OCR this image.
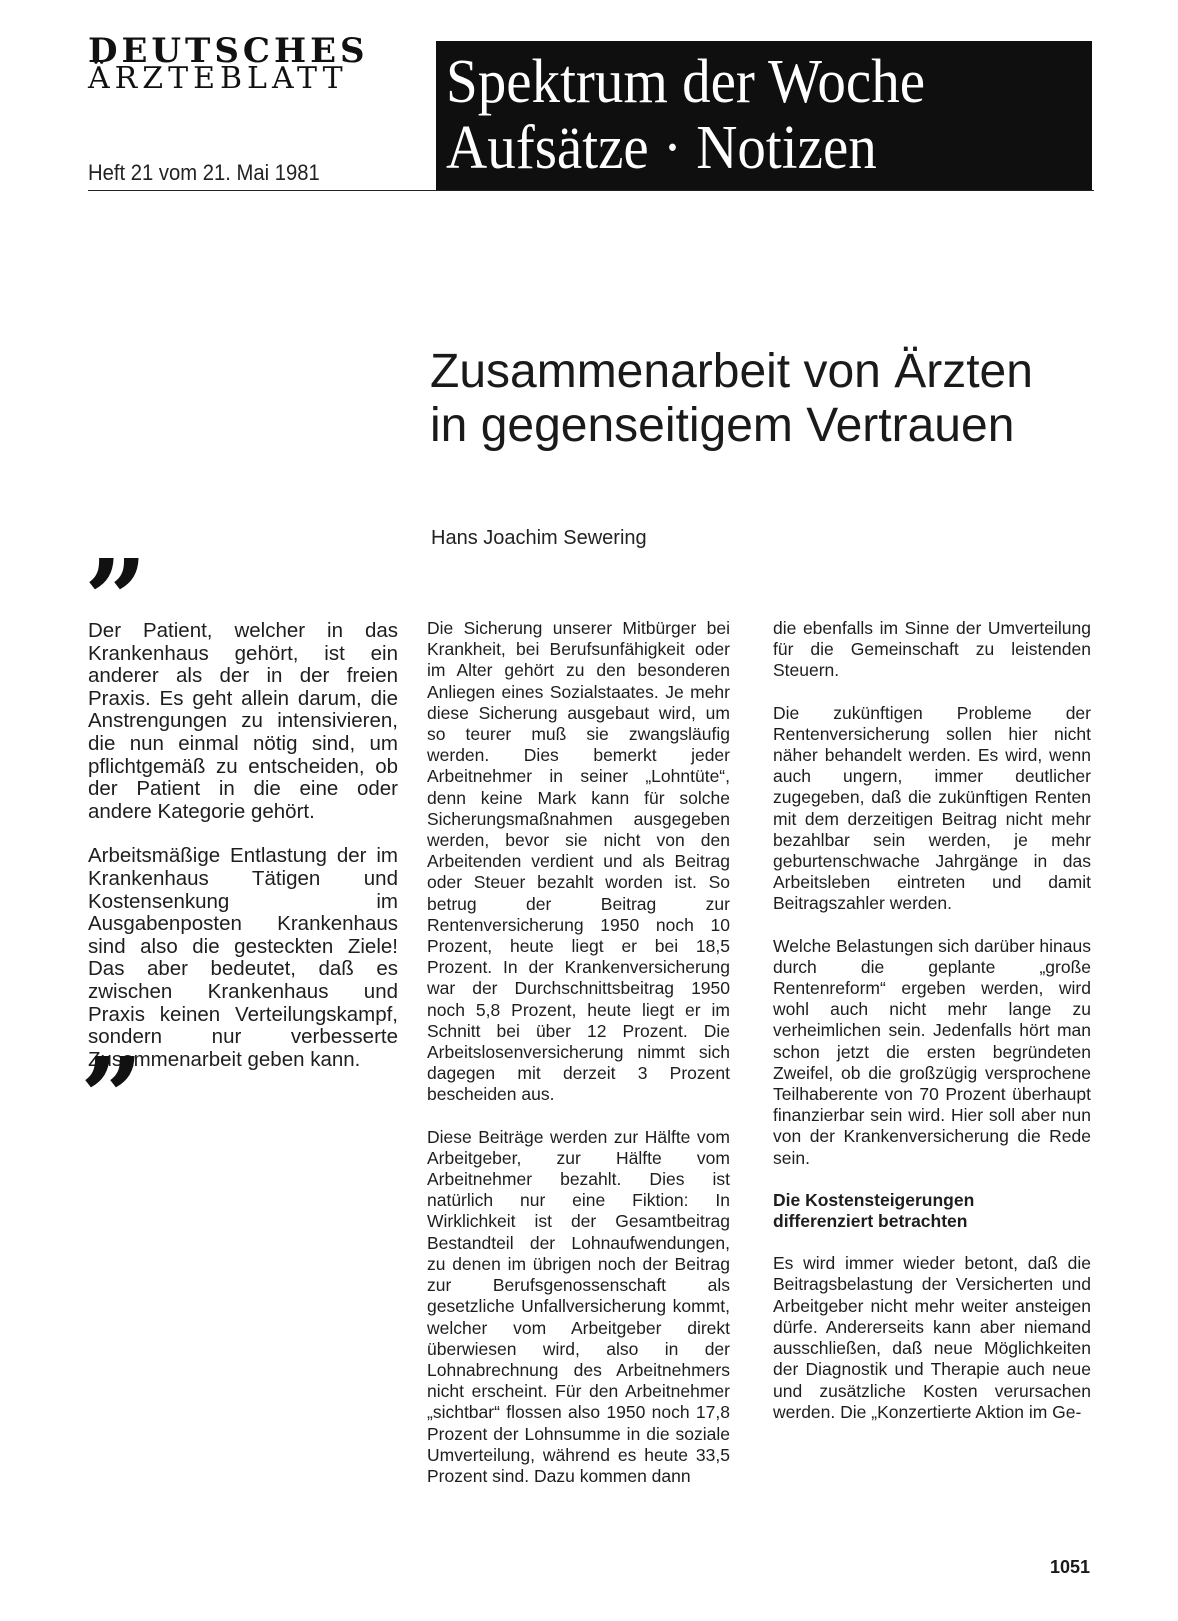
DEUTSCHES
ÄRZTEBLATT
Heft 21 vom 21. Mai 1981
Spektrum der Woche
Aufsätze · Notizen
Zusammenarbeit von Ärzten
in gegenseitigem Vertrauen
Hans Joachim Sewering
”

Der Patient, welcher in das Krankenhaus gehört, ist ein anderer als der in der freien Praxis. Es geht allein darum, die Anstrengungen zu intensivieren, die nun einmal nötig sind, um pflichtgemäß zu entscheiden, ob der Patient in die eine oder andere Kategorie gehört.

Arbeitsmäßige Entlastung der im Krankenhaus Tätigen und Kostensenkung im Ausgabenposten Krankenhaus sind also die gesteckten Ziele! Das aber bedeutet, daß es zwischen Krankenhaus und Praxis keinen Verteilungskampf, sondern nur verbesserte Zusammenarbeit geben kann.

”

Die Sicherung unserer Mitbürger bei Krankheit, bei Berufsunfähigkeit oder im Alter gehört zu den besonderen Anliegen eines Sozialstaates. Je mehr diese Sicherung ausgebaut wird, um so teurer muß sie zwangsläufig werden. Dies bemerkt jeder Arbeitnehmer in seiner „Lohntüte“, denn keine Mark kann für solche Sicherungsmaßnahmen ausgegeben werden, bevor sie nicht von den Arbeitenden verdient und als Beitrag oder Steuer bezahlt worden ist. So betrug der Beitrag zur Rentenversicherung 1950 noch 10 Prozent, heute liegt er bei 18,5 Prozent. In der Krankenversicherung war der Durchschnittsbeitrag 1950 noch 5,8 Prozent, heute liegt er im Schnitt bei über 12 Prozent. Die Arbeitslosenversicherung nimmt sich dagegen mit derzeit 3 Prozent bescheiden aus.

Diese Beiträge werden zur Hälfte vom Arbeitgeber, zur Hälfte vom Arbeitnehmer bezahlt. Dies ist natürlich nur eine Fiktion: In Wirklichkeit ist der Gesamtbeitrag Bestandteil der Lohnaufwendungen, zu denen im übrigen noch der Beitrag zur Berufsgenossenschaft als gesetzliche Unfallversicherung kommt, welcher vom Arbeitgeber direkt überwiesen wird, also in der Lohnabrechnung des Arbeitnehmers nicht erscheint. Für den Arbeitnehmer „sichtbar“ flossen also 1950 noch 17,8 Prozent der Lohnsumme in die soziale Umverteilung, während es heute 33,5 Prozent sind. Dazu kommen dann

die ebenfalls im Sinne der Umverteilung für die Gemeinschaft zu leistenden Steuern.

Die zukünftigen Probleme der Rentenversicherung sollen hier nicht näher behandelt werden. Es wird, wenn auch ungern, immer deutlicher zugegeben, daß die zukünftigen Renten mit dem derzeitigen Beitrag nicht mehr bezahlbar sein werden, je mehr geburtenschwache Jahrgänge in das Arbeitsleben eintreten und damit Beitragszahler werden.

Welche Belastungen sich darüber hinaus durch die geplante „große Rentenreform“ ergeben werden, wird wohl auch nicht mehr lange zu verheimlichen sein. Jedenfalls hört man schon jetzt die ersten begründeten Zweifel, ob die großzügig versprochene Teilhaberente von 70 Prozent überhaupt finanzierbar sein wird. Hier soll aber nun von der Krankenversicherung die Rede sein.

Die Kostensteigerungen
differenziert betrachten

Es wird immer wieder betont, daß die Beitragsbelastung der Versicherten und Arbeitgeber nicht mehr weiter ansteigen dürfe. Andererseits kann aber niemand ausschließen, daß neue Möglichkeiten der Diagnostik und Therapie auch neue und zusätzliche Kosten verursachen werden. Die „Konzertierte Aktion im Ge-

1051
